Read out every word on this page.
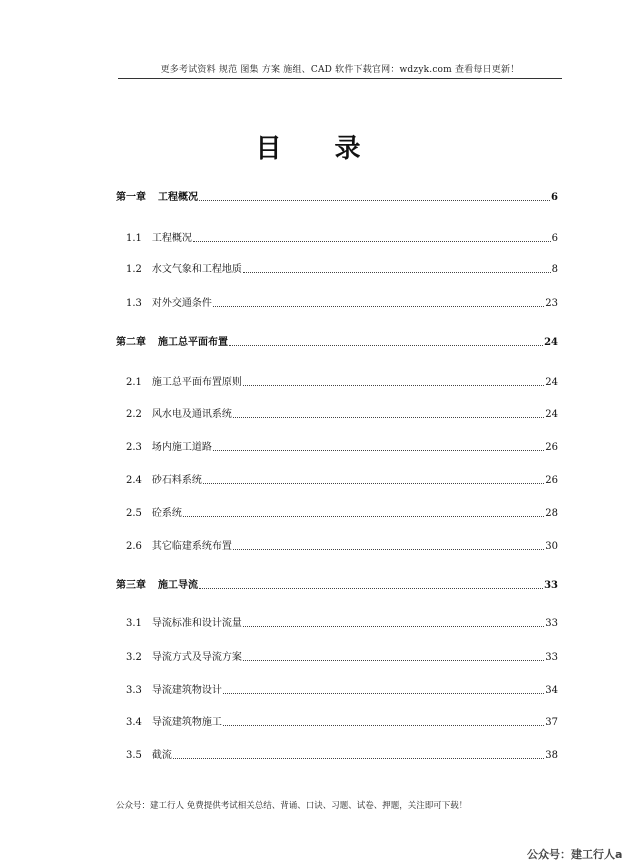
更多考试资料 规范 图集 方案 施组、CAD 软件下载官网：wdzyk.com 查看每日更新！
目 录
第一章 工程概况	6
1.1 工程概况	6
1.2 水文气象和工程地质	8
1.3 对外交通条件	23
第二章 施工总平面布置	24
2.1 施工总平面布置原则	24
2.2 风水电及通讯系统	24
2.3 场内施工道路	26
2.4 砂石料系统	26
2.5 砼系统	28
2.6 其它临建系统布置	30
第三章 施工导流	33
3.1 导流标准和设计流量	33
3.2 导流方式及导流方案	33
3.3 导流建筑物设计	34
3.4 导流建筑物施工	37
3.5 截流	38
公众号：建工行人 免费提供考试相关总结、背诵、口诀、习题、试卷、押题，关注即可下载！
公众号：建工行人a
